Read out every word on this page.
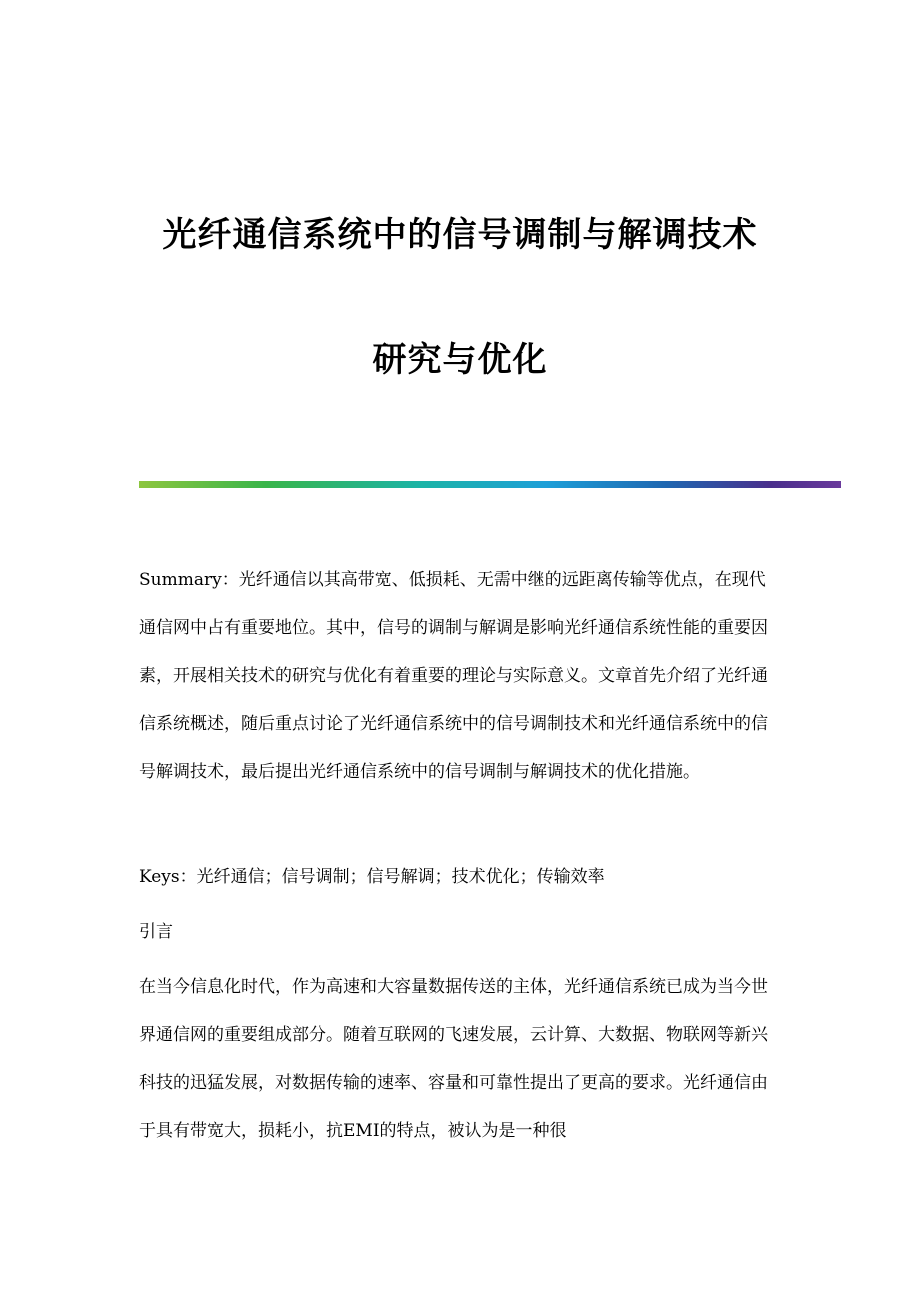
光纤通信系统中的信号调制与解调技术
研究与优化

Summary：光纤通信以其高带宽、低损耗、无需中继的远距离传输等优点，在现代通信网中占有重要地位。其中，信号的调制与解调是影响光纤通信系统性能的重要因素，开展相关技术的研究与优化有着重要的理论与实际意义。文章首先介绍了光纤通信系统概述，随后重点讨论了光纤通信系统中的信号调制技术和光纤通信系统中的信号解调技术，最后提出光纤通信系统中的信号调制与解调技术的优化措施。

Keys：光纤通信；信号调制；信号解调；技术优化；传输效率

引言

在当今信息化时代，作为高速和大容量数据传送的主体，光纤通信系统已成为当今世界通信网的重要组成部分。随着互联网的飞速发展，云计算、大数据、物联网等新兴科技的迅猛发展，对数据传输的速率、容量和可靠性提出了更高的要求。光纤通信由于具有带宽大，损耗小，抗EMI的特点，被认为是一种很
